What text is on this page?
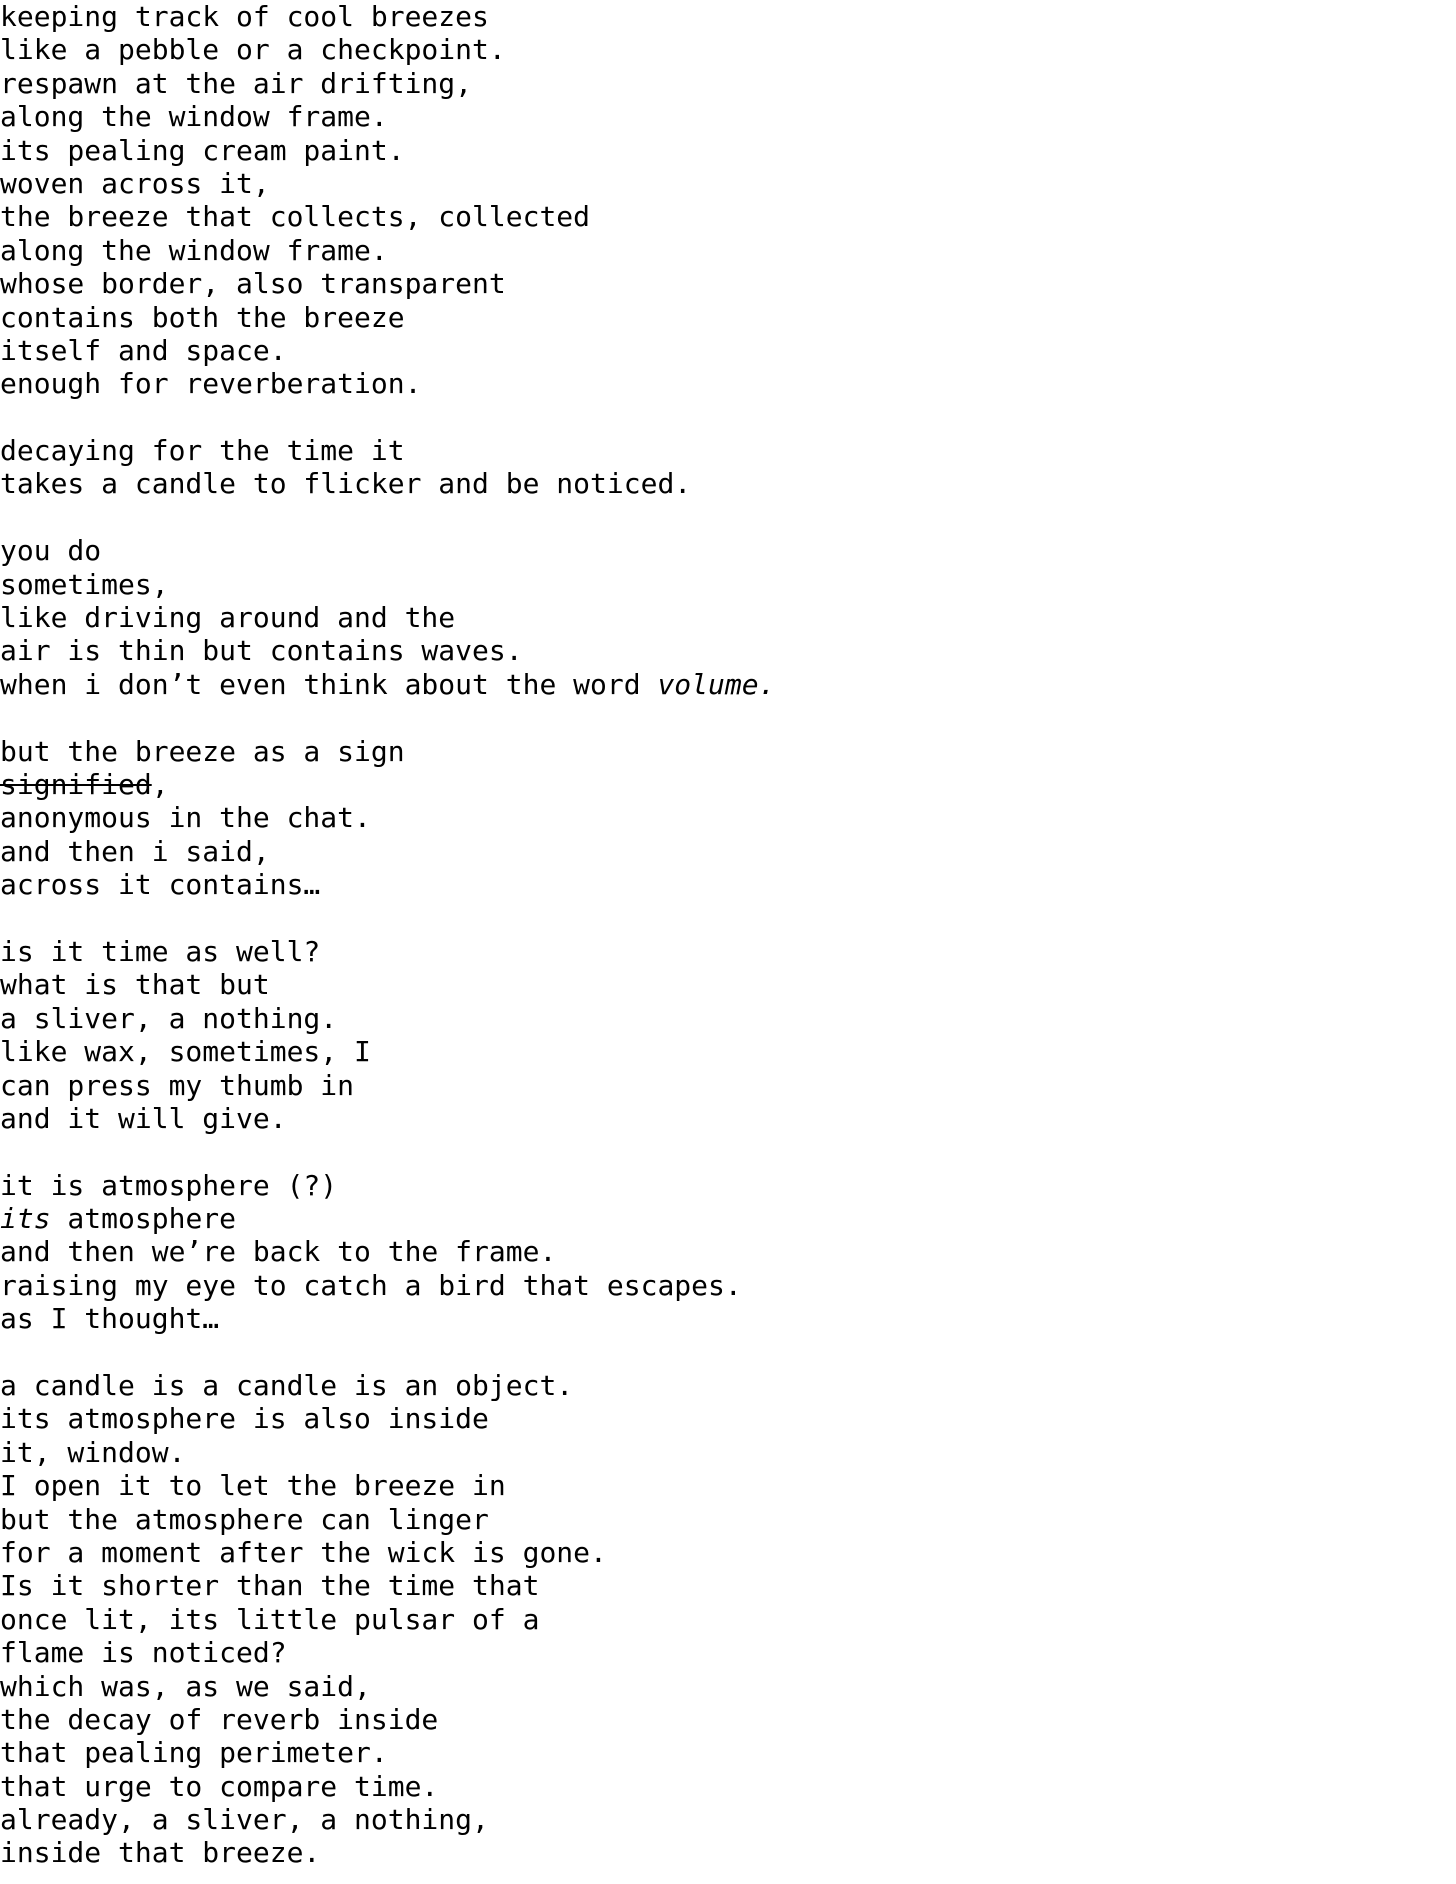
keeping track of cool breezes
like a pebble or a checkpoint.
respawn at the air drifting,
along the window frame.
its pealing cream paint.
woven across it,
the breeze that collects, collected
along the window frame.
whose border, also transparent
contains both the breeze
itself and space.
enough for reverberation.
decaying for the time it
takes a candle to flicker and be noticed.
you do
sometimes,
like driving around and the
air is thin but contains waves.
when i don’t even think about the word volume.
but the breeze as a sign
signified,
anonymous in the chat.
and then i said,
across it contains…
is it time as well?
what is that but
a sliver, a nothing.
like wax, sometimes, I
can press my thumb in
and it will give.
it is atmosphere (?)
its atmosphere
and then we’re back to the frame.
raising my eye to catch a bird that escapes.
as I thought…
a candle is a candle is an object.
its atmosphere is also inside
it, window.
I open it to let the breeze in
but the atmosphere can linger
for a moment after the wick is gone.
Is it shorter than the time that
once lit, its little pulsar of a
flame is noticed?
which was, as we said,
the decay of reverb inside
that pealing perimeter.
that urge to compare time.
already, a sliver, a nothing,
inside that breeze.
